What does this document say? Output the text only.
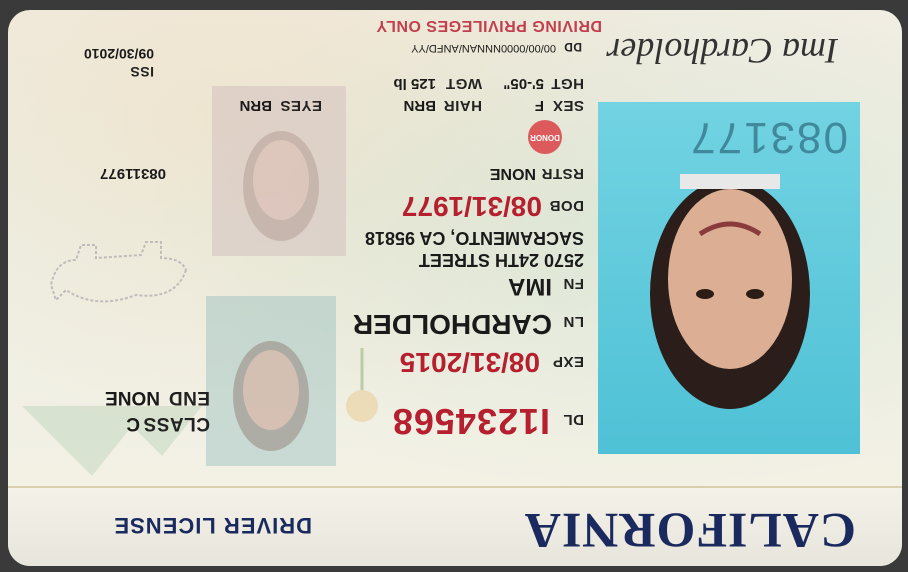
CALIFORNIA
DRIVER LICENSE
083177
DL
I1234568
CLASS
C
END
NONE
EXP
08/31/2015
LN
CARDHOLDER
FN
IMA
2570 24TH STREET
SACRAMENTO, CA 95818
DOB
08/31/1977
RSTR
NONE
08311977
DONOR
SEX
F
HAIR
BRN
EYES
BRN
HGT
5'-05"
WGT
125 lb
DD
00/00/0000NNNAN/ANFD/YY
ISS
09/30/2010	Ima Cardholder
DRIVING PRIVILEGES ONLY
